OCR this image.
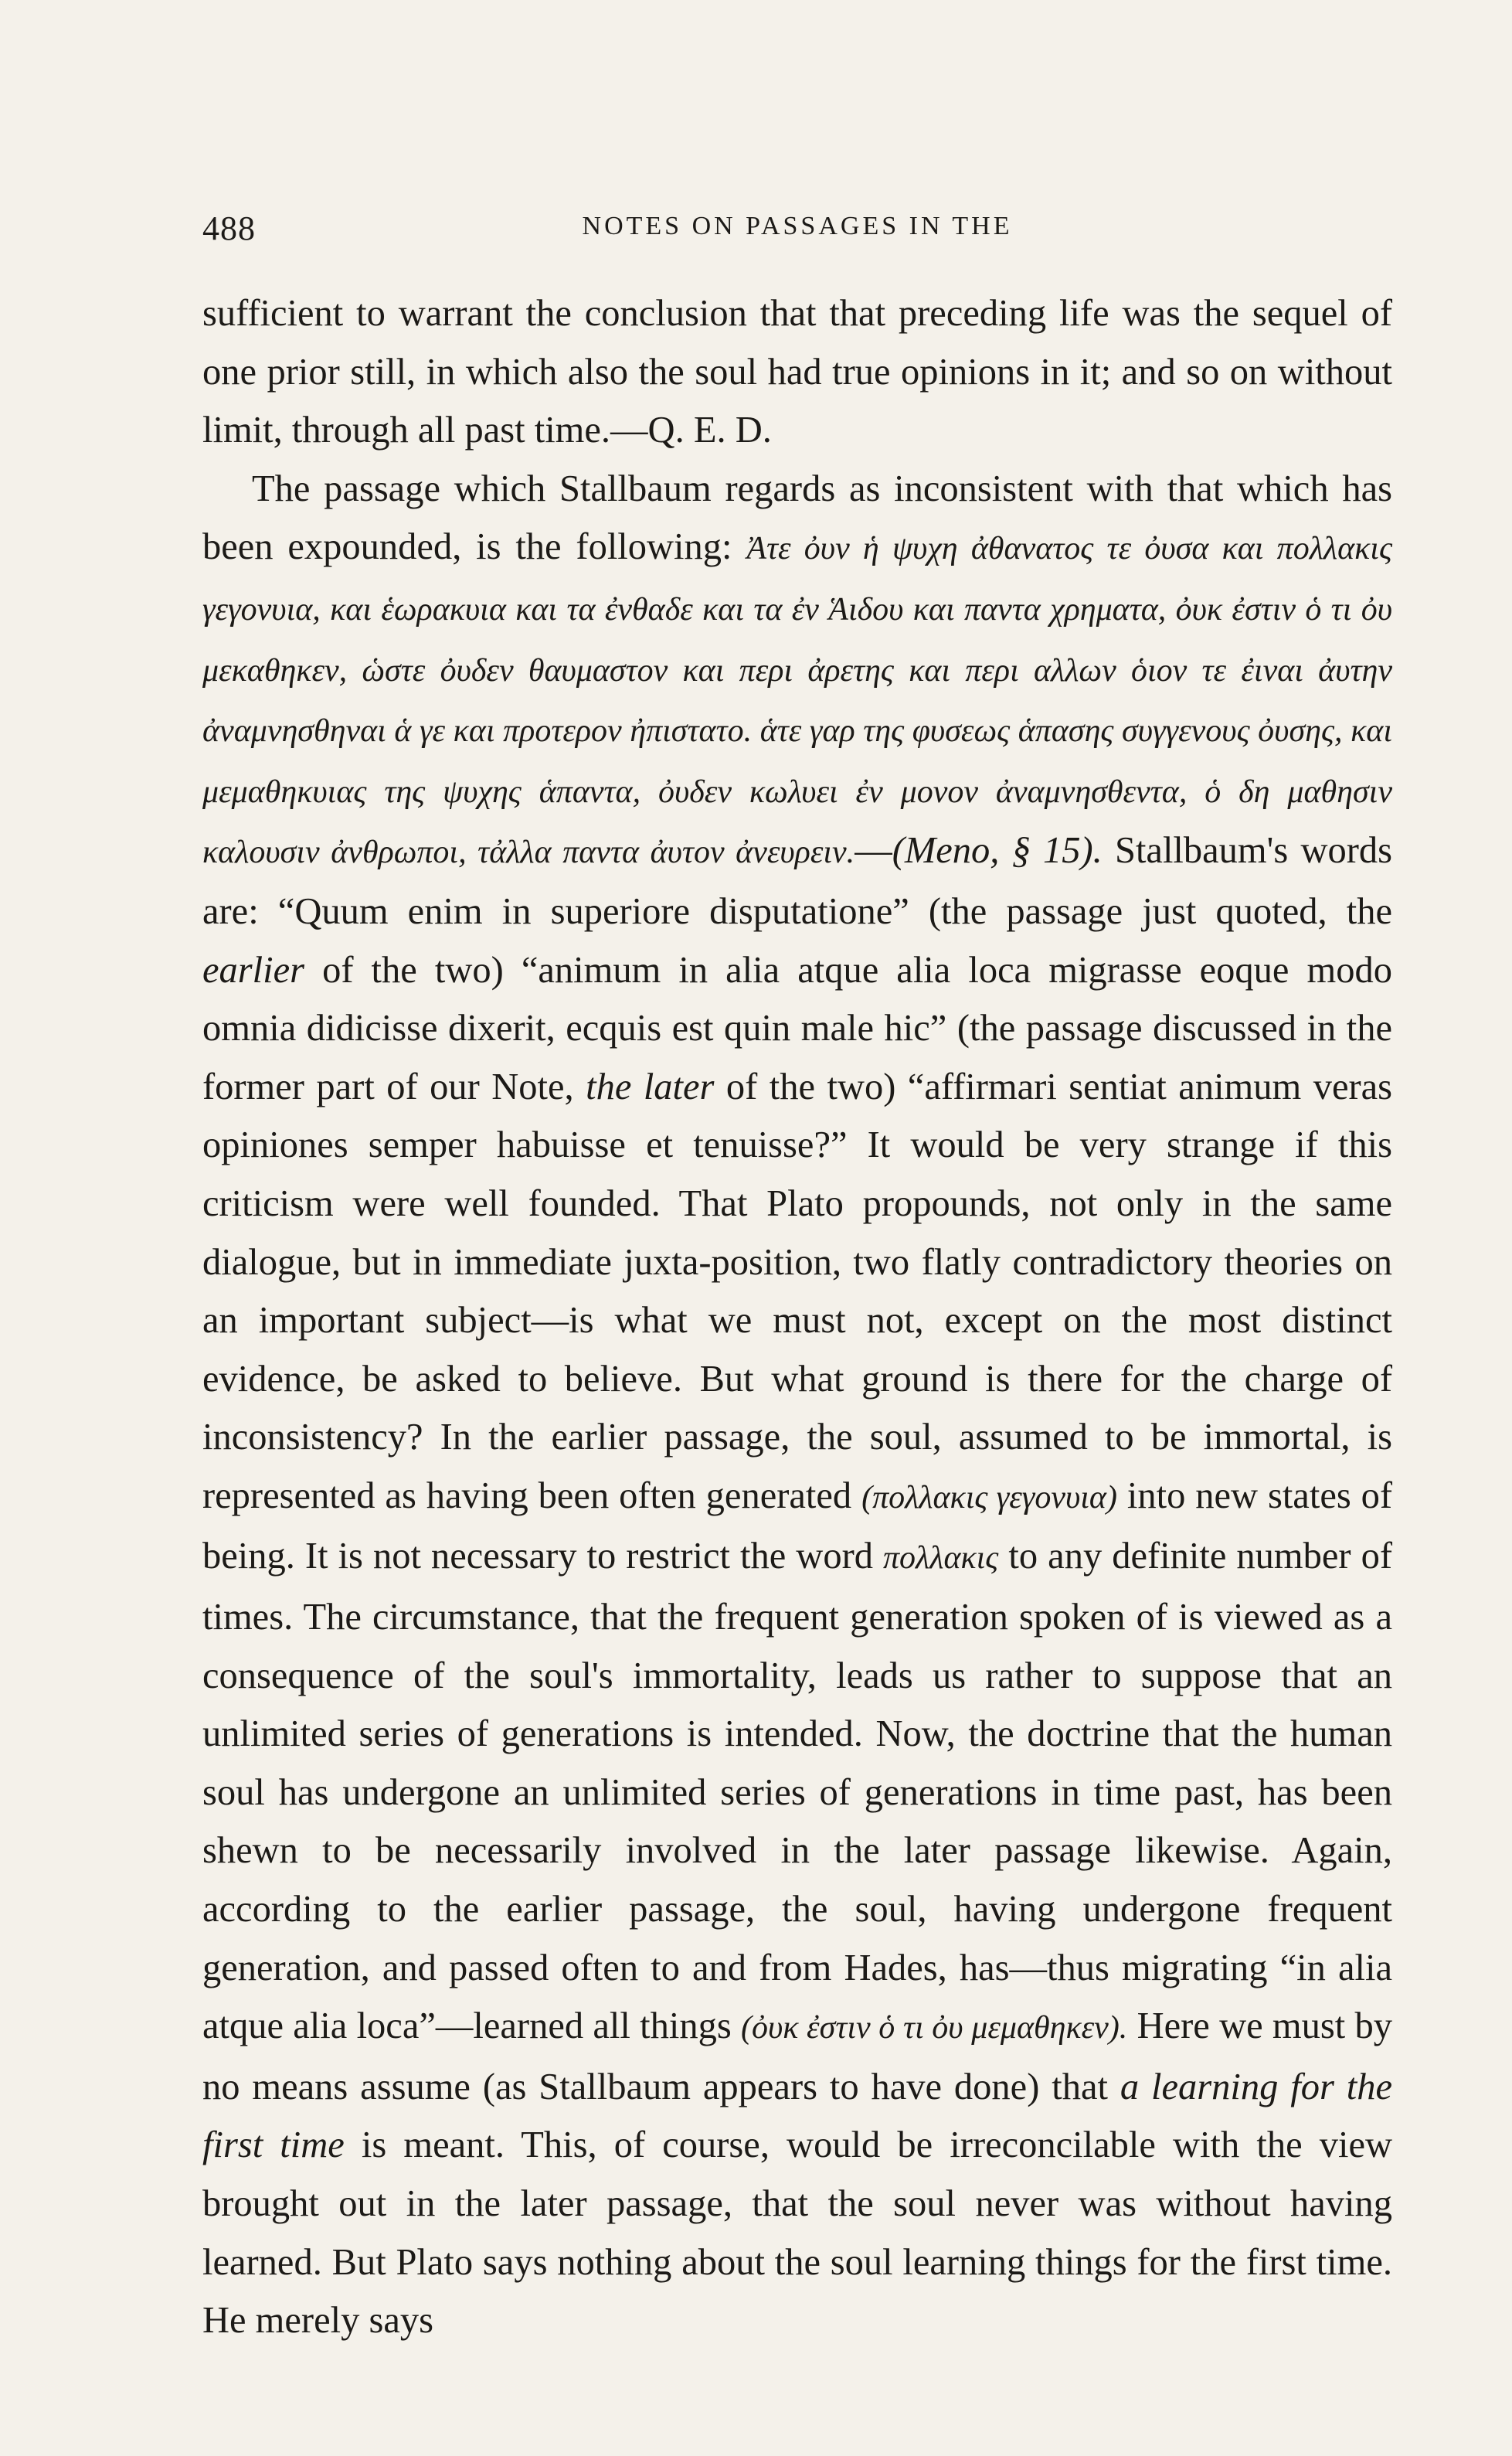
488	NOTES ON PASSAGES IN THE

sufficient to warrant the conclusion that that preceding life was the sequel of one prior still, in which also the soul had true opinions in it; and so on without limit, through all past time.—Q. E. D.

The passage which Stallbaum regards as inconsistent with that which has been expounded, is the following: Ἀτε ὀυν ἡ ψυχη ἀθανατος τε ὀυσα και πολλακις γεγονυια, και ἑωρακυια και τα ἐνθαδε και τα ἐν Ἁιδου και παντα χρηματα, ὀυκ ἐστιν ὁ τι ὀυ μεκαθηκεν, ὡστε ὀυδεν θαυμαστον και περι ἀρετης και περι αλλων ὁιον τε ἐιναι ἀυτην ἀναμνησθηναι ἁ γε και προτερον ἠπιστατο. ἁτε γαρ της φυσεως ἁπασης συγγενους ὀυσης, και μεμαθηκυιας της ψυχης ἁπαντα, ὀυδεν κωλυει ἐν μονον ἀναμνησθεντα, ὁ δη μαθησιν καλουσιν ἀνθρωποι, τἀλλα παντα ἀυτον ἀνευρειν.—(Meno, § 15). Stallbaum's words are: “Quum enim in superiore disputatione” (the passage just quoted, the earlier of the two) “animum in alia atque alia loca migrasse eoque modo omnia didicisse dixerit, ecquis est quin male hic” (the passage discussed in the former part of our Note, the later of the two) “affirmari sentiat animum veras opiniones semper habuisse et tenuisse?” It would be very strange if this criticism were well founded. That Plato propounds, not only in the same dialogue, but in immediate juxta-position, two flatly contradictory theories on an important subject—is what we must not, except on the most distinct evidence, be asked to believe. But what ground is there for the charge of inconsistency? In the earlier passage, the soul, assumed to be immortal, is represented as having been often generated (πολλακις γεγονυια) into new states of being. It is not necessary to restrict the word πολλακις to any definite number of times. The circumstance, that the frequent generation spoken of is viewed as a consequence of the soul's immortality, leads us rather to suppose that an unlimited series of generations is intended. Now, the doctrine that the human soul has undergone an unlimited series of generations in time past, has been shewn to be necessarily involved in the later passage likewise. Again, according to the earlier passage, the soul, having undergone frequent generation, and passed often to and from Hades, has—thus migrating “in alia atque alia loca”—learned all things (ὀυκ ἐστιν ὁ τι ὀυ μεμαθηκεν). Here we must by no means assume (as Stallbaum appears to have done) that a learning for the first time is meant. This, of course, would be irreconcilable with the view brought out in the later passage, that the soul never was without having learned. But Plato says nothing about the soul learning things for the first time. He merely says
